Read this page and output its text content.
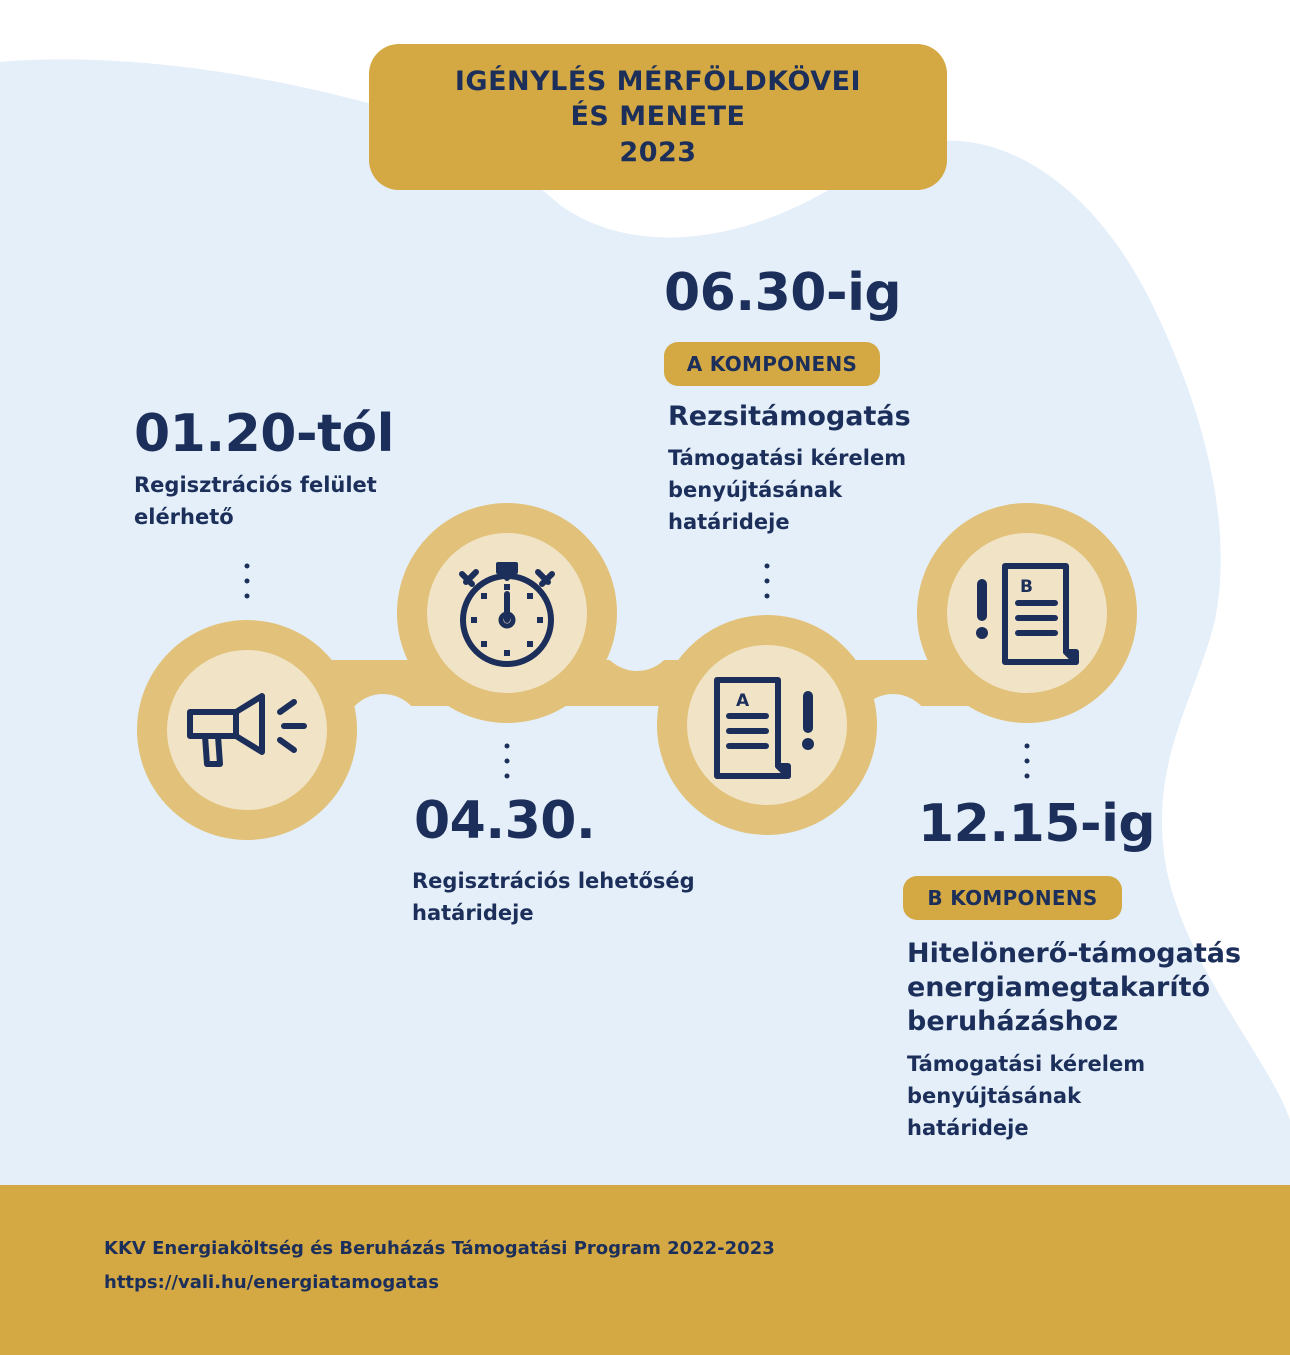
A
B
IGÉNYLÉS MÉRFÖLDKÖVEI
ÉS MENETE
2023
01.20-tól
Regisztrációs felület
elérhető
04.30.
Regisztrációs lehetőség
határideje
06.30-ig
A KOMPONENS
Rezsitámogatás
Támogatási kérelem
benyújtásának
határideje
12.15-ig
B KOMPONENS
Hitelönerő-támogatás
energiamegtakarító
beruházáshoz
Támogatási kérelem
benyújtásának
határideje
KKV Energiaköltség és Beruházás Támogatási Program 2022-2023
https://vali.hu/energiatamogatas
